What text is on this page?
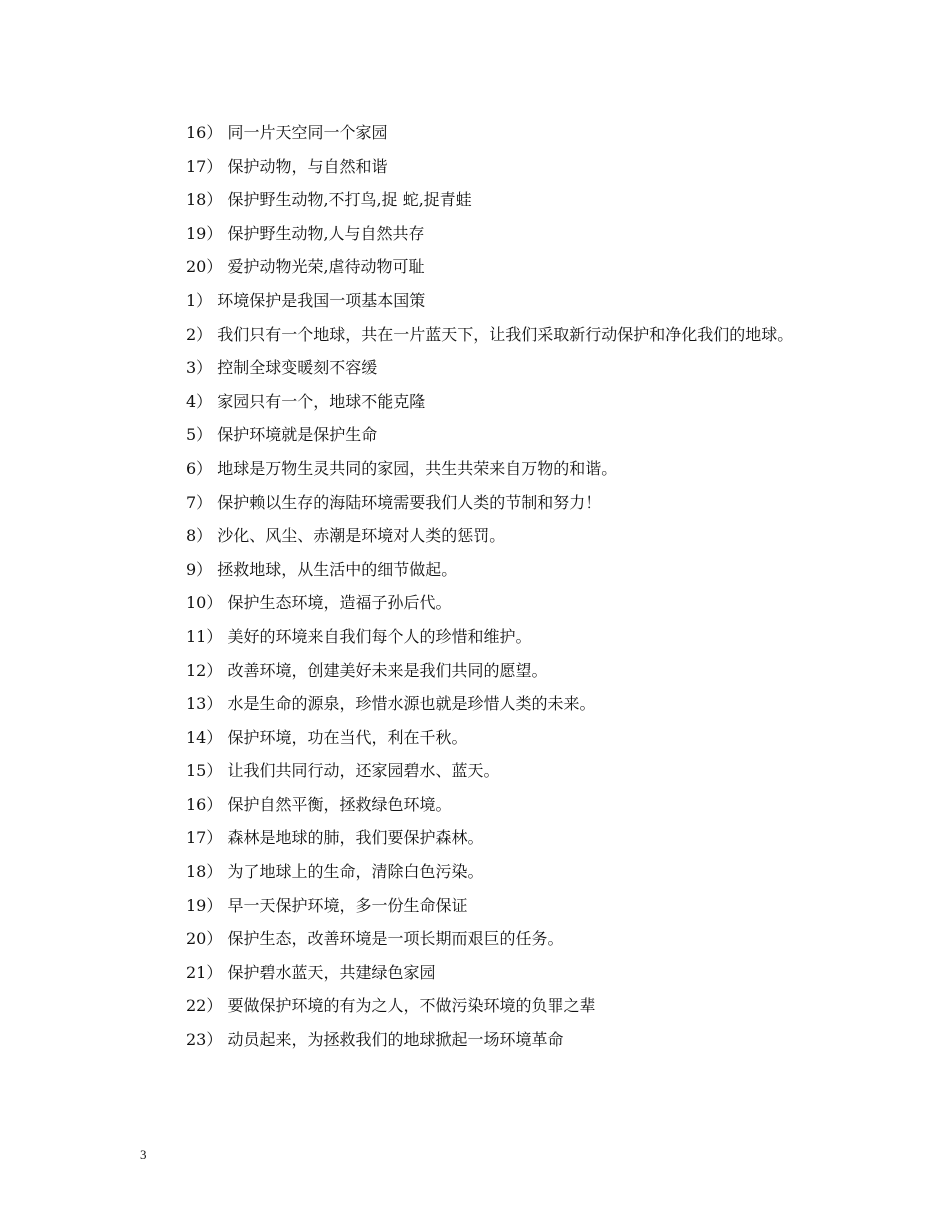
16） 同一片天空同一个家园

17） 保护动物，与自然和谐

18） 保护野生动物,不打鸟,捉 蛇,捉青蛙

19） 保护野生动物,人与自然共存

20） 爱护动物光荣,虐待动物可耻

1） 环境保护是我国一项基本国策

2） 我们只有一个地球，共在一片蓝天下，让我们采取新行动保护和净化我们的地球。

3） 控制全球变暖刻不容缓

4） 家园只有一个，地球不能克隆

5） 保护环境就是保护生命

6） 地球是万物生灵共同的家园，共生共荣来自万物的和谐。

7） 保护赖以生存的海陆环境需要我们人类的节制和努力！

8） 沙化、风尘、赤潮是环境对人类的惩罚。

9） 拯救地球，从生活中的细节做起。

10） 保护生态环境，造福子孙后代。

11） 美好的环境来自我们每个人的珍惜和维护。

12） 改善环境，创建美好未来是我们共同的愿望。

13） 水是生命的源泉，珍惜水源也就是珍惜人类的未来。

14） 保护环境，功在当代，利在千秋。

15） 让我们共同行动，还家园碧水、蓝天。

16） 保护自然平衡，拯救绿色环境。

17） 森林是地球的肺，我们要保护森林。

18） 为了地球上的生命，清除白色污染。

19） 早一天保护环境，多一份生命保证

20） 保护生态，改善环境是一项长期而艰巨的任务。

21） 保护碧水蓝天，共建绿色家园

22） 要做保护环境的有为之人，不做污染环境的负罪之辈

23） 动员起来，为拯救我们的地球掀起一场环境革命

3
